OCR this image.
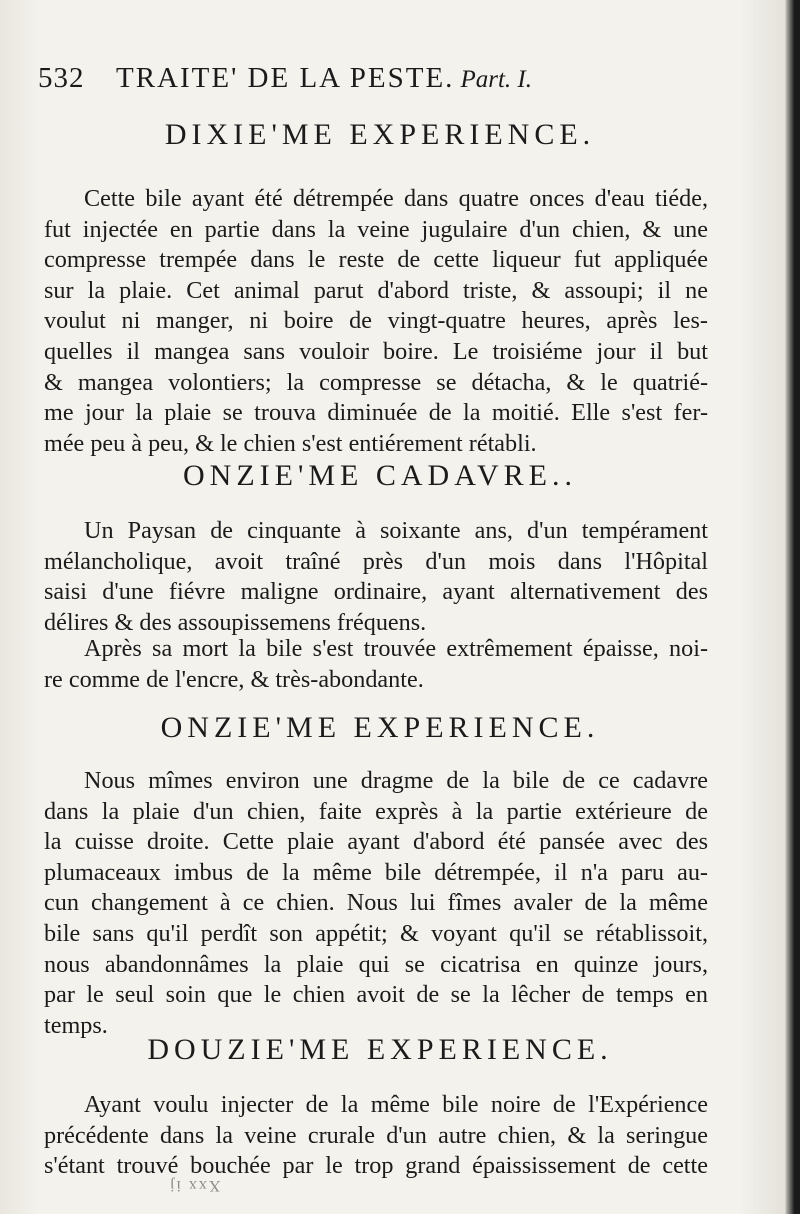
532 TRAITE' DE LA PESTE. Part. I.
DIXIE'ME EXPERIENCE.
Cette bile ayant été détrempée dans quatre onces d'eau tiéde,
fut injectée en partie dans la veine jugulaire d'un chien, & une
compresse trempée dans le reste de cette liqueur fut appliquée
sur la plaie. Cet animal parut d'abord triste, & assoupi; il ne
voulut ni manger, ni boire de vingt-quatre heures, après les-
quelles il mangea sans vouloir boire. Le troisiéme jour il but
& mangea volontiers; la compresse se détacha, & le quatrié-
me jour la plaie se trouva diminuée de la moitié. Elle s'est fer-
mée peu à peu, & le chien s'est entiérement rétabli.
ONZIE'ME CADAVRE..
Un Paysan de cinquante à soixante ans, d'un tempérament
mélancholique, avoit traîné près d'un mois dans l'Hôpital
saisi d'une fiévre maligne ordinaire, ayant alternativement des
délires & des assoupissemens fréquens.
Après sa mort la bile s'est trouvée extrêmement épaisse, noi-
re comme de l'encre, & très-abondante.
ONZIE'ME EXPERIENCE.
Nous mîmes environ une dragme de la bile de ce cadavre
dans la plaie d'un chien, faite exprès à la partie extérieure de
la cuisse droite. Cette plaie ayant d'abord été pansée avec des
plumaceaux imbus de la même bile détrempée, il n'a paru au-
cun changement à ce chien. Nous lui fîmes avaler de la même
bile sans qu'il perdît son appétit; & voyant qu'il se rétablissoit,
nous abandonnâmes la plaie qui se cicatrisa en quinze jours,
par le seul soin que le chien avoit de se la lêcher de temps en
temps.
DOUZIE'ME EXPERIENCE.
Ayant voulu injecter de la même bile noire de l'Expérience
précédente dans la veine crurale d'un autre chien, & la seringue
s'étant trouvé bouchée par le trop grand épaississement de cette
Xxx ij
